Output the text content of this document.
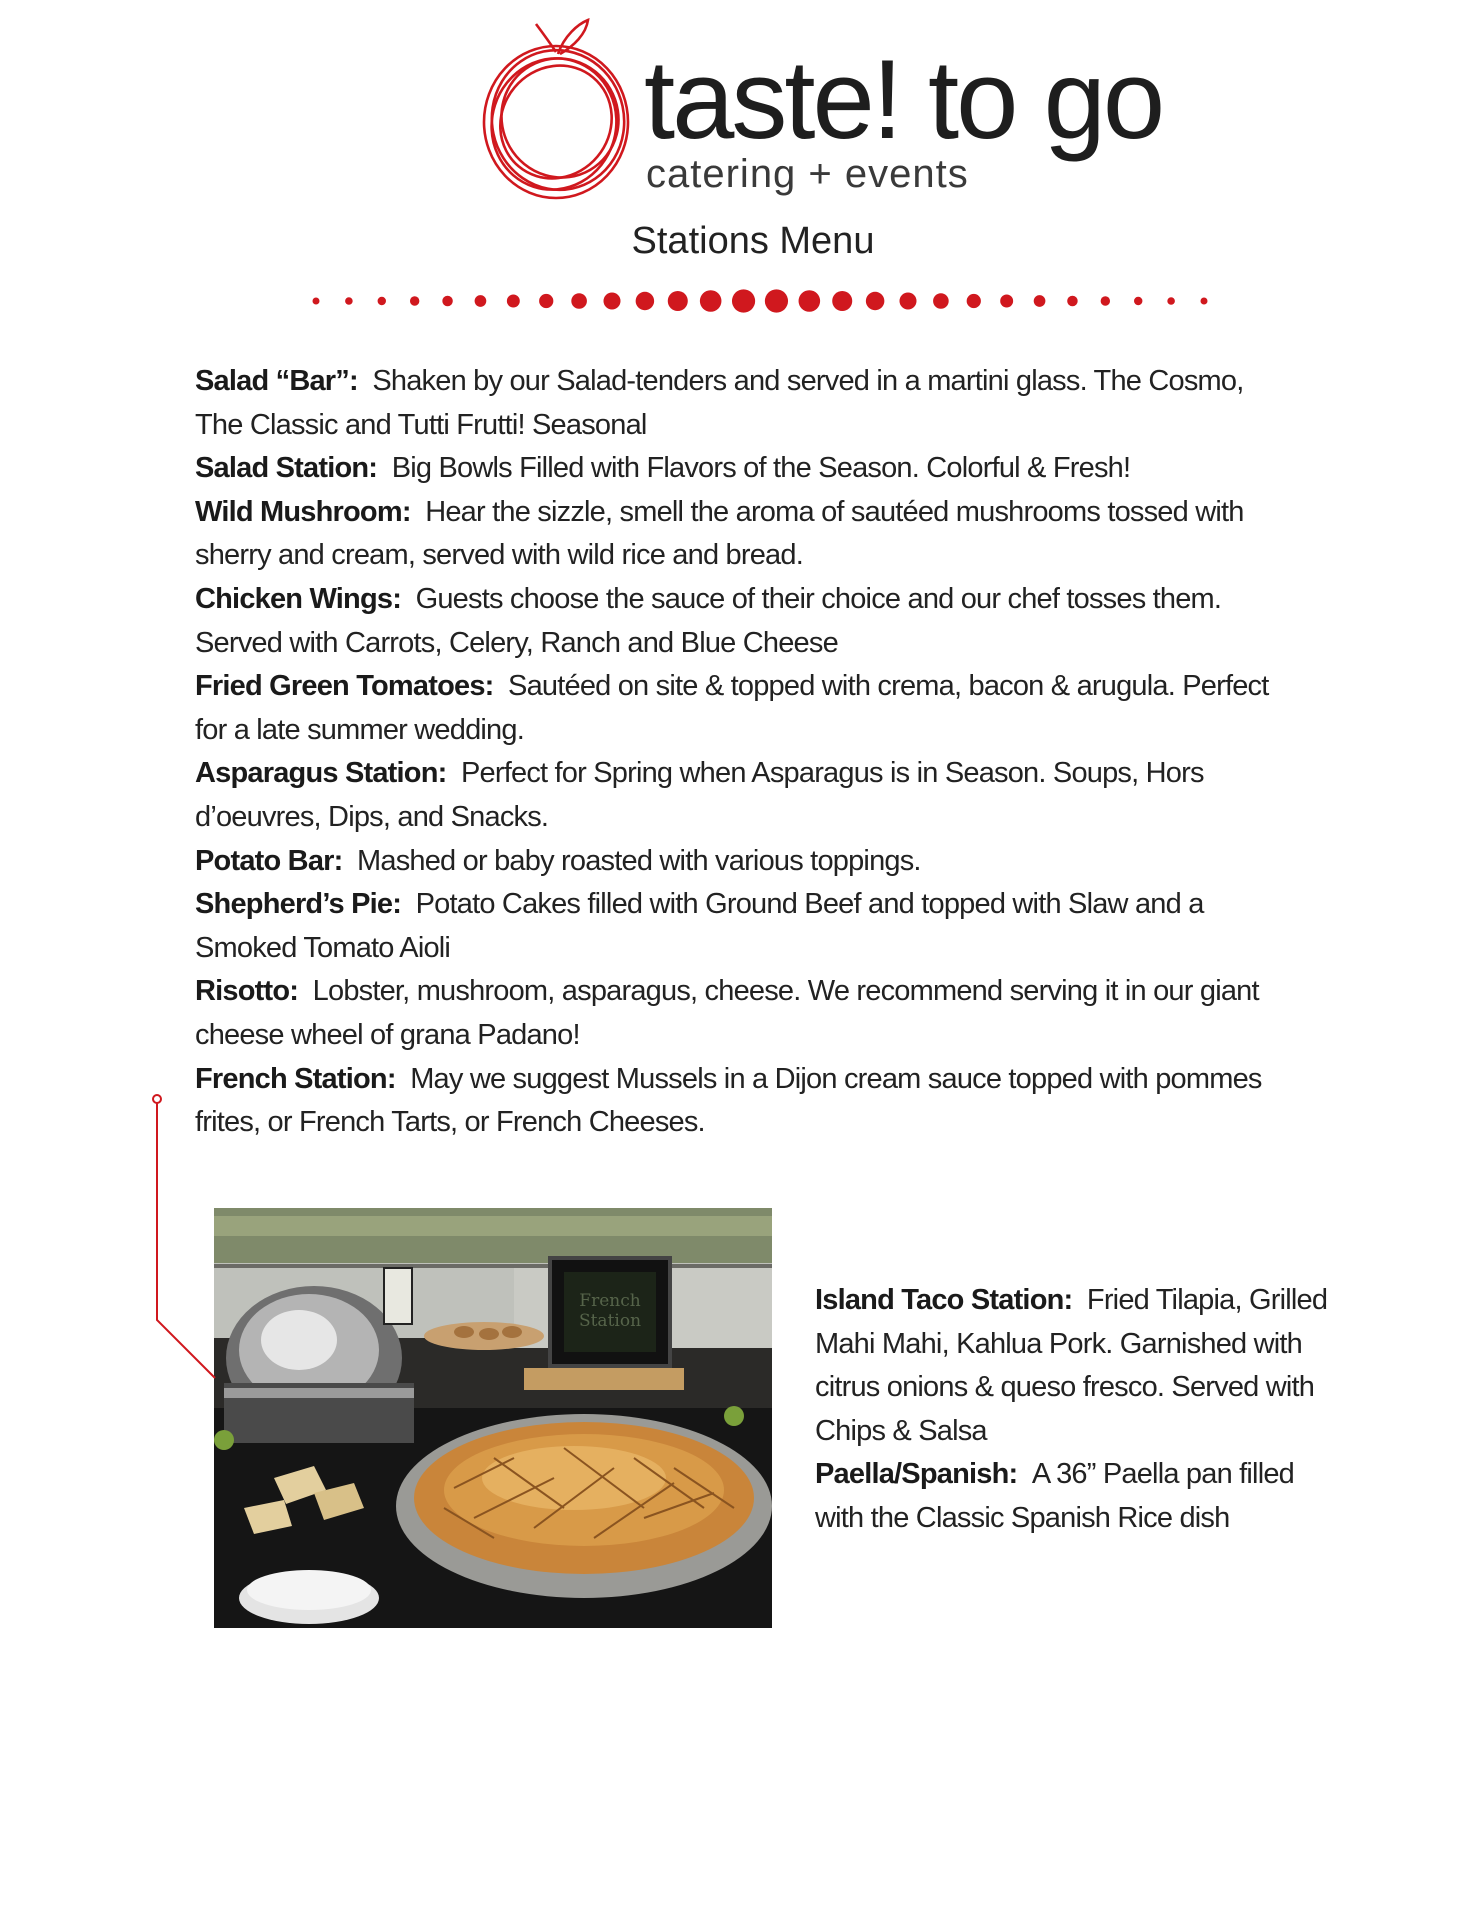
taste! to go
catering + events
Stations Menu

Salad “Bar”: Shaken by our Salad-tenders and served in a martini glass. The Cosmo, The Classic and Tutti Frutti! Seasonal

Salad Station: Big Bowls Filled with Flavors of the Season. Colorful & Fresh!

Wild Mushroom: Hear the sizzle, smell the aroma of sautéed mushrooms tossed with sherry and cream, served with wild rice and bread.

Chicken Wings: Guests choose the sauce of their choice and our chef tosses them. Served with Carrots, Celery, Ranch and Blue Cheese

Fried Green Tomatoes: Sautéed on site & topped with crema, bacon & arugula. Perfect for a late summer wedding.

Asparagus Station: Perfect for Spring when Asparagus is in Season. Soups, Hors d’oeuvres, Dips, and Snacks.

Potato Bar: Mashed or baby roasted with various toppings.

Shepherd’s Pie: Potato Cakes filled with Ground Beef and topped with Slaw and a Smoked Tomato Aioli

Risotto: Lobster, mushroom, asparagus, cheese. We recommend serving it in our giant cheese wheel of grana Padano!

French Station: May we suggest Mussels in a Dijon cream sauce topped with pommes frites, or French Tarts, or French Cheeses.

French
Station

Island Taco Station: Fried Tilapia, Grilled Mahi Mahi, Kahlua Pork. Garnished with citrus onions & queso fresco. Served with Chips & Salsa

Paella/Spanish: A 36” Paella pan filled with the Classic Spanish Rice dish
